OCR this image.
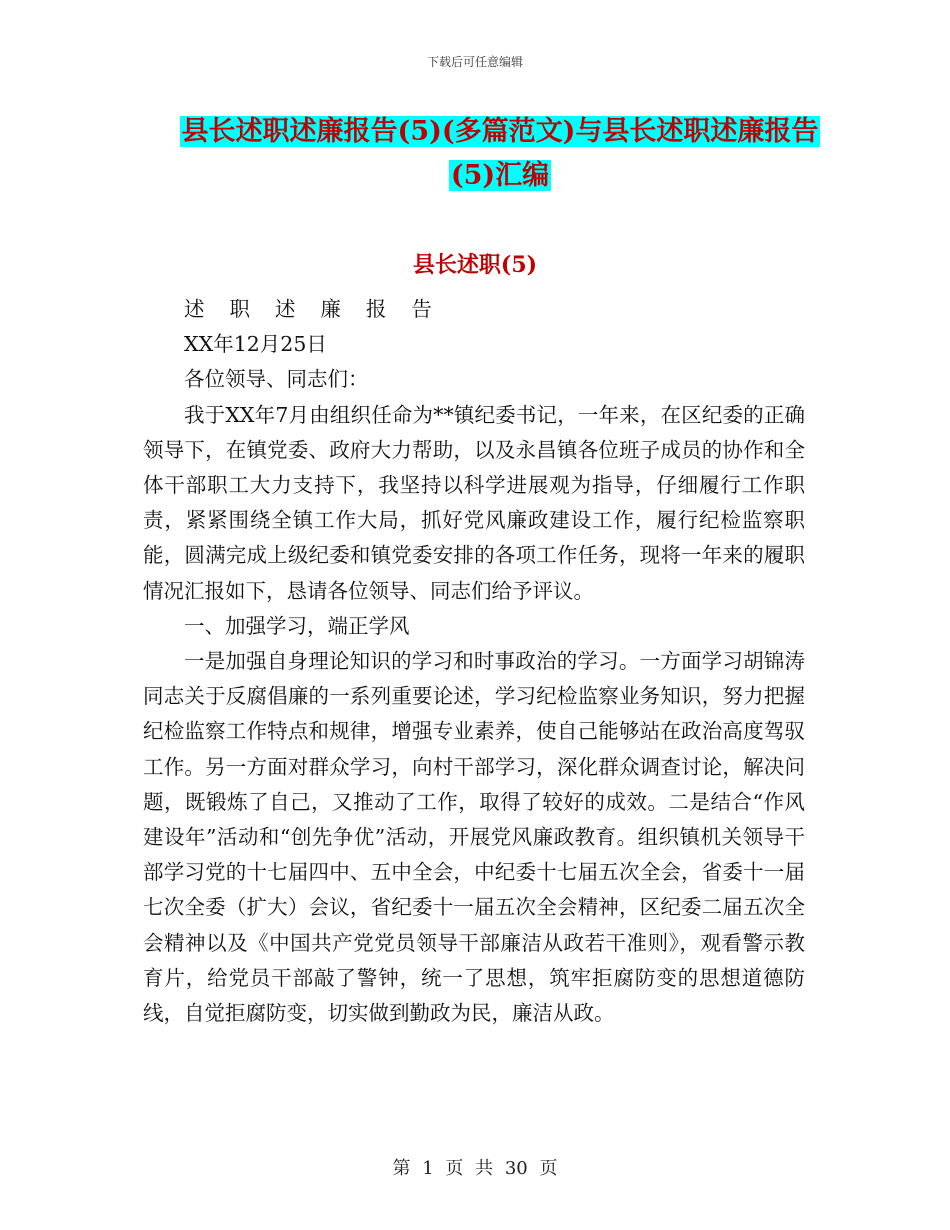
下载后可任意编辑
县长述职述廉报告(5)(多篇范文)与县长述职述廉报告
(5)汇编
县长述职(5)

述 职 述 廉 报 告

XX年12月25日

各位领导、同志们：

我于XX年7月由组织任命为**镇纪委书记，一年来，在区纪委的正确领导下，在镇党委、政府大力帮助，以及永昌镇各位班子成员的协作和全体干部职工大力支持下，我坚持以科学进展观为指导，仔细履行工作职责，紧紧围绕全镇工作大局，抓好党风廉政建设工作，履行纪检监察职能，圆满完成上级纪委和镇党委安排的各项工作任务，现将一年来的履职情况汇报如下，恳请各位领导、同志们给予评议。

一、加强学习，端正学风

一是加强自身理论知识的学习和时事政治的学习。一方面学习胡锦涛同志关于反腐倡廉的一系列重要论述，学习纪检监察业务知识，努力把握纪检监察工作特点和规律，增强专业素养，使自己能够站在政治高度驾驭工作。另一方面对群众学习，向村干部学习，深化群众调查讨论，解决问题，既锻炼了自己，又推动了工作，取得了较好的成效。二是结合“作风建设年”活动和“创先争优”活动，开展党风廉政教育。组织镇机关领导干部学习党的十七届四中、五中全会，中纪委十七届五次全会，省委十一届七次全委（扩大）会议，省纪委十一届五次全会精神，区纪委二届五次全会精神以及《中国共产党党员领导干部廉洁从政若干准则》，观看警示教育片，给党员干部敲了警钟，统一了思想，筑牢拒腐防变的思想道德防线，自觉拒腐防变，切实做到勤政为民，廉洁从政。

第 1 页 共 30 页
